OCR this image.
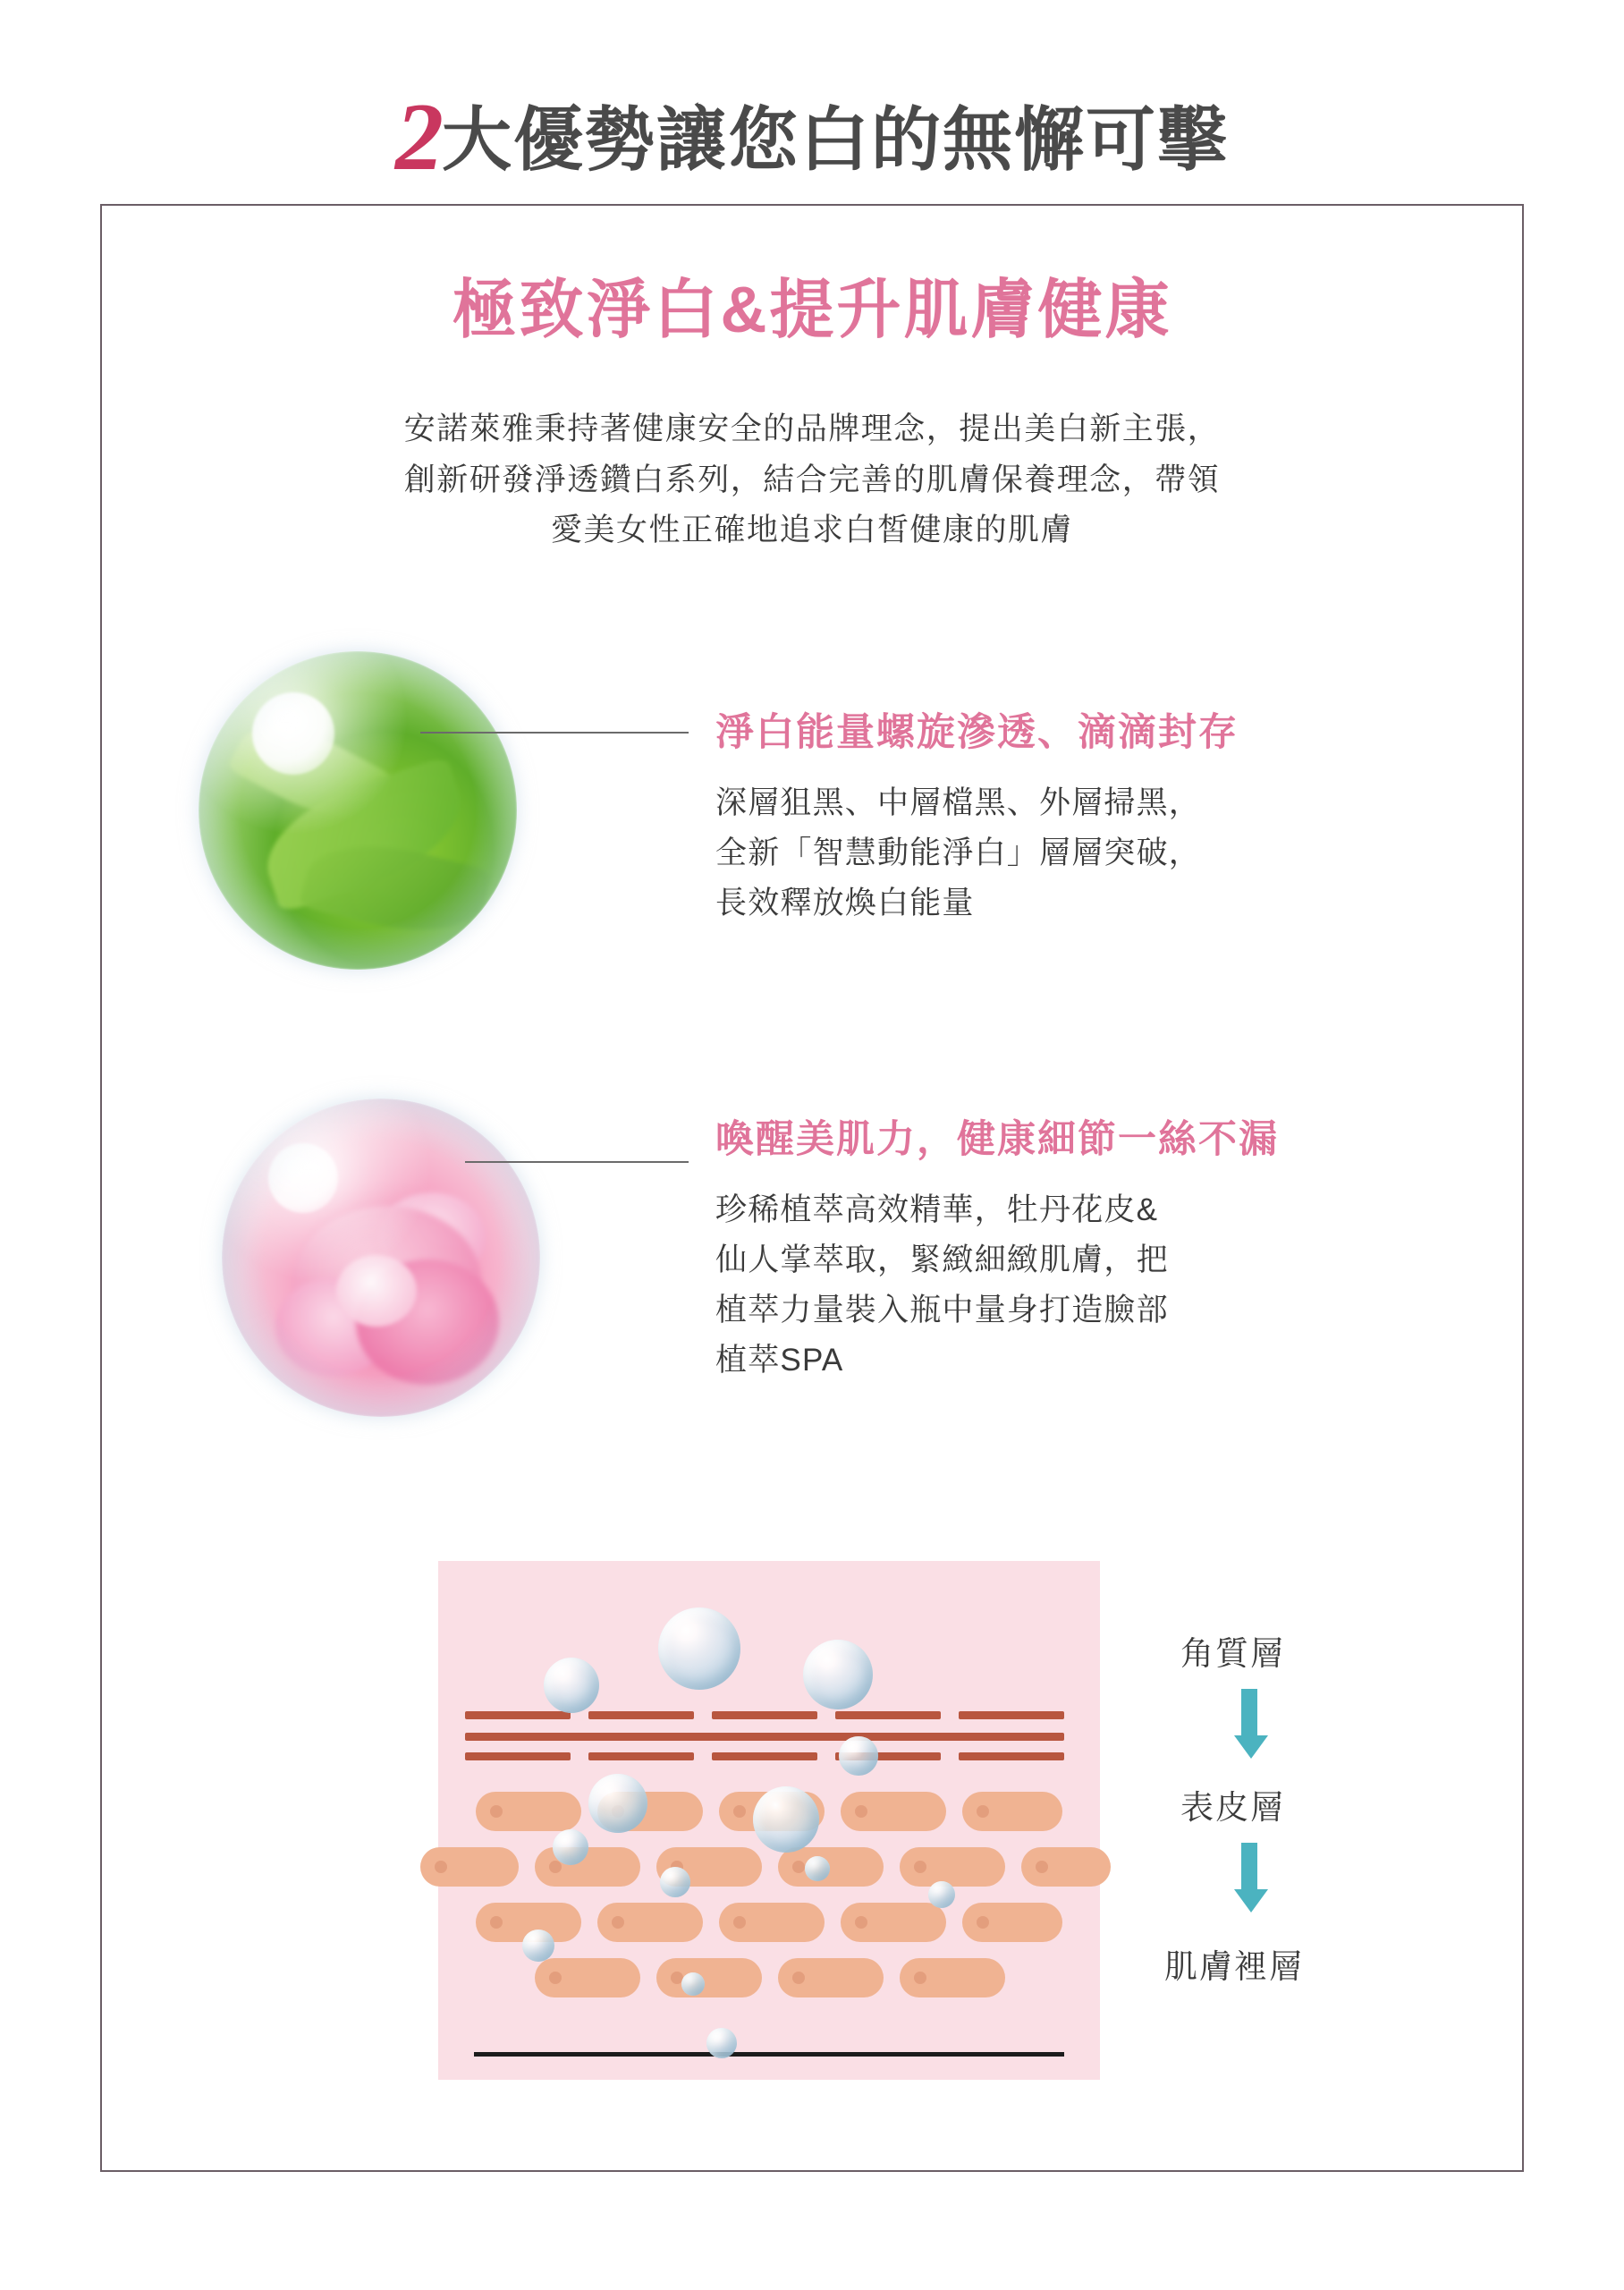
2大優勢讓您白的無懈可擊
極致淨白&提升肌膚健康
安諾萊雅秉持著健康安全的品牌理念，提出美白新主張，
創新研發淨透鑽白系列，結合完善的肌膚保養理念，帶領
愛美女性正確地追求白皙健康的肌膚
淨白能量螺旋滲透、滴滴封存
深層狙黑、中層檔黑、外層掃黑，
全新「智慧動能淨白」層層突破，
長效釋放煥白能量
喚醒美肌力，健康細節一絲不漏
珍稀植萃高效精華，牡丹花皮&
仙人掌萃取，緊緻細緻肌膚，把
植萃力量裝入瓶中量身打造臉部
植萃SPA
角質層
表皮層
肌膚裡層
